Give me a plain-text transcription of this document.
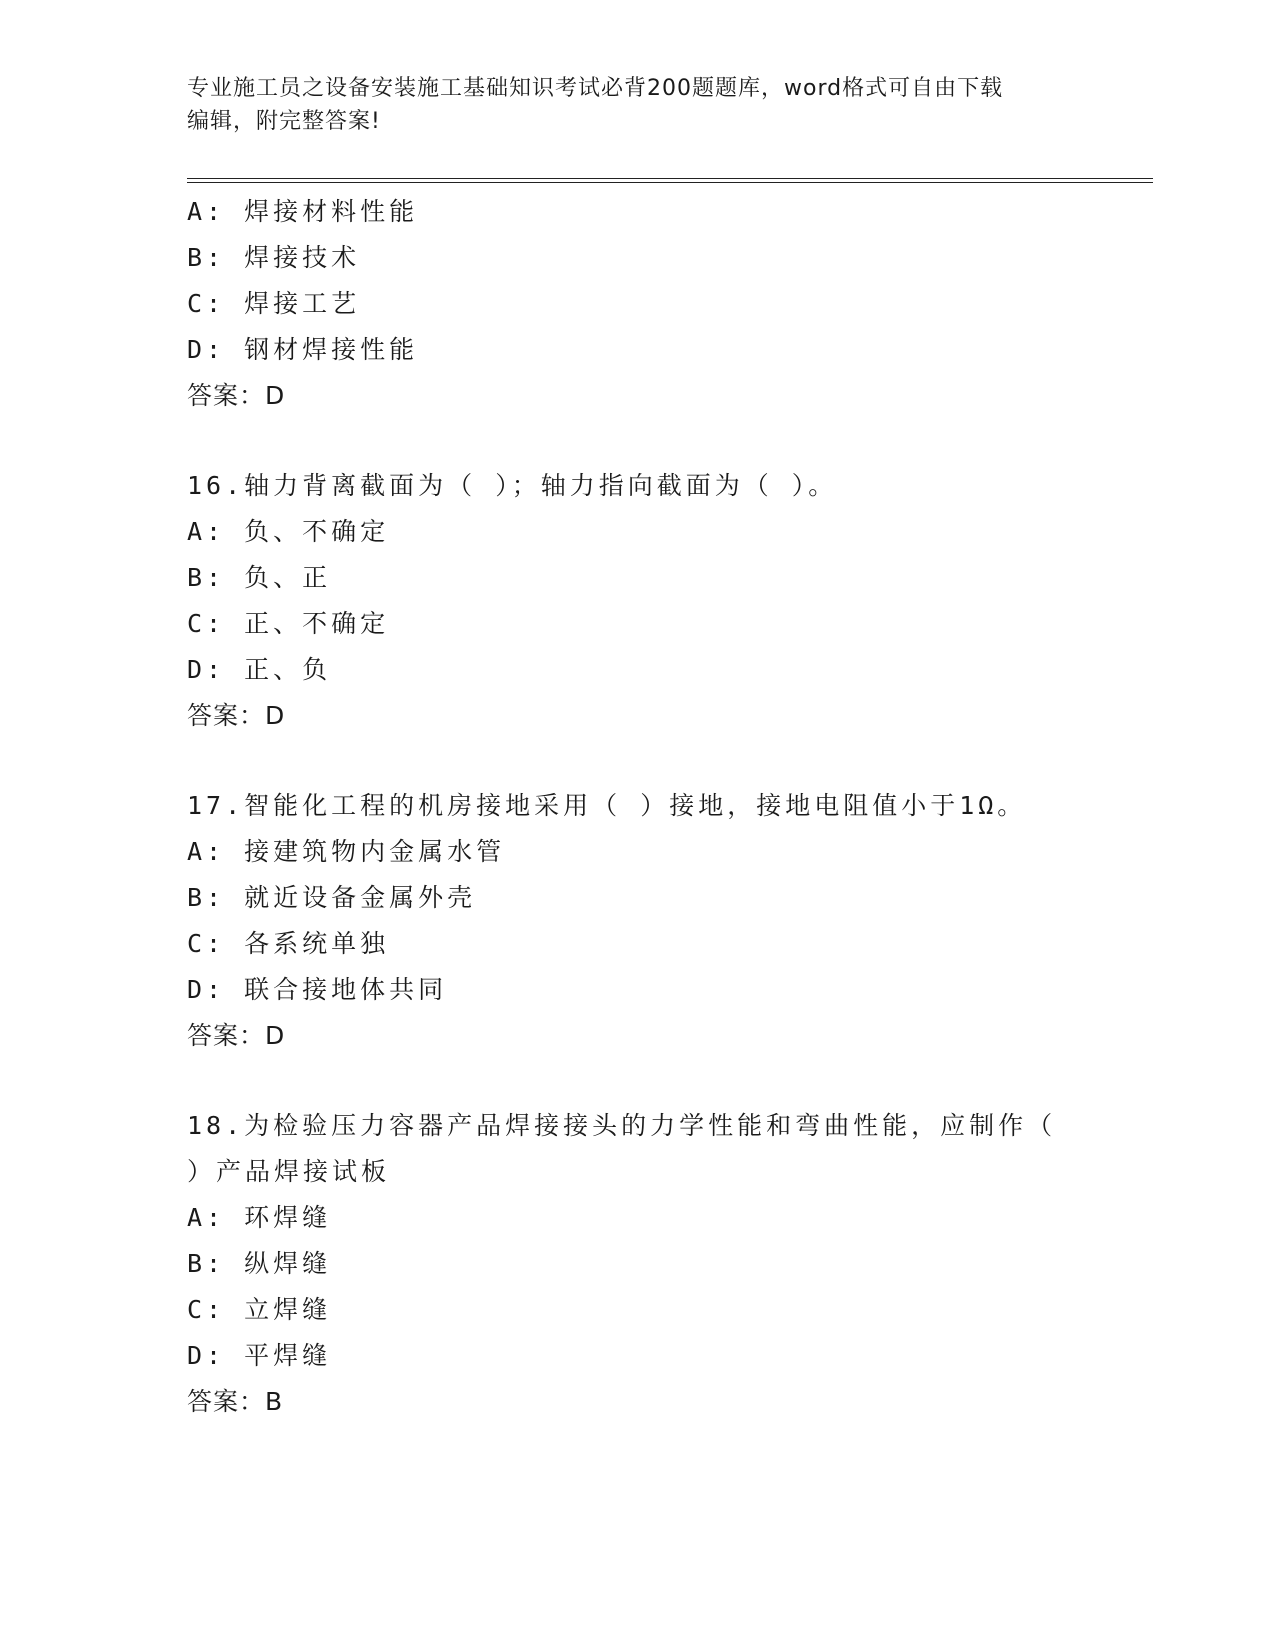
专业施工员之设备安装施工基础知识考试必背200题题库，word格式可自由下载
编辑，附完整答案!
A: 焊接材料性能
B: 焊接技术
C: 焊接工艺
D: 钢材焊接性能
答案：D
16.轴力背离截面为（ ）；轴力指向截面为（ ）。
A: 负、不确定
B: 负、正
C: 正、不确定
D: 正、负
答案：D
17.智能化工程的机房接地采用（ ）接地，接地电阻值小于1Ω。
A: 接建筑物内金属水管
B: 就近设备金属外壳
C: 各系统单独
D: 联合接地体共同
答案：D
18.为检验压力容器产品焊接接头的力学性能和弯曲性能，应制作（
）产品焊接试板
A: 环焊缝
B: 纵焊缝
C: 立焊缝
D: 平焊缝
答案：B
